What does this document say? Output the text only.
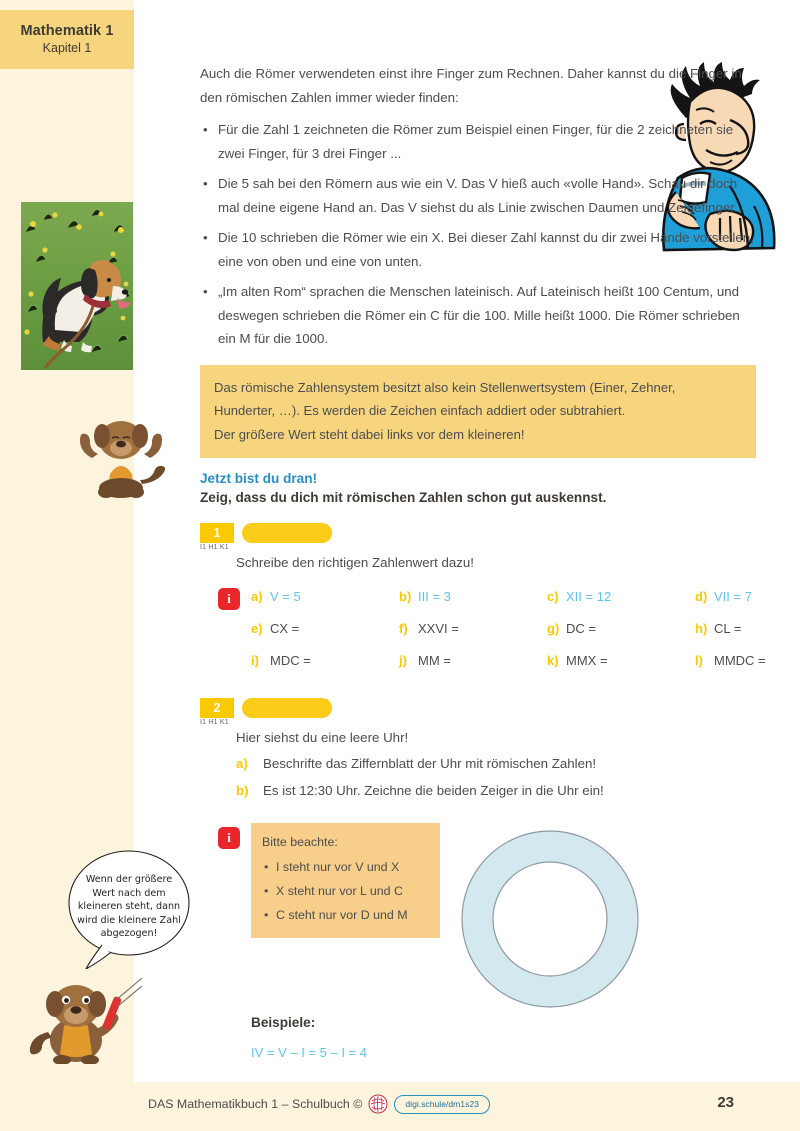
Mathematik 1
Kapitel 1
Wenn der größere Wert nach dem kleineren steht, dann wird die kleinere Zahl abgezogen!

Auch die Römer verwendeten einst ihre Finger zum Rechnen. Daher kannst du die Finger in den römischen Zahlen immer wieder finden:

• Für die Zahl 1 zeichneten die Römer zum Beispiel einen Finger, für die 2 zeichneten sie zwei Finger, für 3 drei Finger ...
• Die 5 sah bei den Römern aus wie ein V. Das V hieß auch «volle Hand». Schau dir doch mal deine eigene Hand an. Das V siehst du als Linie zwischen Daumen und Zeigefinger.
• Die 10 schrieben die Römer wie ein X. Bei dieser Zahl kannst du dir zwei Hände vorstellen, eine von oben und eine von unten.
• „Im alten Rom“ sprachen die Menschen lateinisch. Auf Lateinisch heißt 100 Centum, und deswegen schrieben die Römer ein C für die 100. Mille heißt 1000. Die Römer schrieben ein M für die 1000.

Das römische Zahlensystem besitzt also kein Stellenwertsystem (Einer, Zehner,

Hunderter, …). Es werden die Zeichen einfach addiert oder subtrahiert.

Der größere Wert steht dabei links vor dem kleineren!

Jetzt bist du dran!
Zeig, dass du dich mit römischen Zahlen schon gut auskennst.
1
I1 H1 K1
Schreibe den richtigen Zahlenwert dazu!
i	a) V = 5	b) III = 3	c) XII = 12	d) VII = 7
e) CX =	f) XXVI =	g) DC =	h) CL =
i) MDC =	j) MM =	k) MMX =	l) MMDC =
2
I1 H1 K1
Hier siehst du eine leere Uhr!
a) Beschrifte das Ziffernblatt der Uhr mit römischen Zahlen!
b) Es ist 12:30 Uhr. Zeichne die beiden Zeiger in die Uhr ein!
i	Bitte beachte:
• I steht nur vor V und X
• X steht nur vor L und C
• C steht nur vor D und M
Beispiele:
IV = V – I = 5 – I = 4
DAS Mathematikbuch 1 – Schulbuch ©	digi.schule/dm1s23	23
